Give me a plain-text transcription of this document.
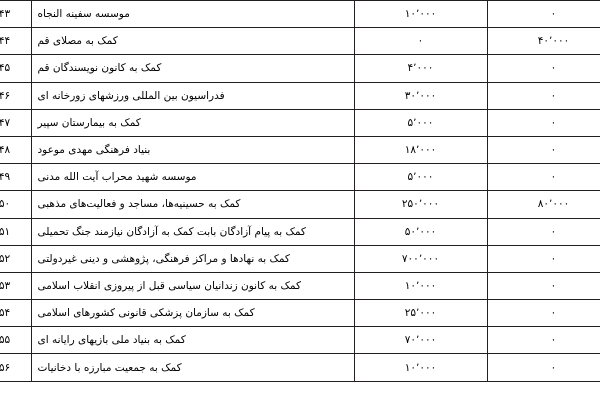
۰	۱۰٬۰۰۰	موسسه سفینه النجاه	۴۳
۴۰٬۰۰۰	۰	کمک به مصلای قم	۴۴
۰	۴٬۰۰۰	کمک به کانون نویسندگان قم	۴۵
۰	۳۰٬۰۰۰	فدراسیون بین المللی ورزشهای زورخانه ای	۴۶
۰	۵٬۰۰۰	کمک به بیمارستان سپیر	۴۷
۰	۱۸٬۰۰۰	بنیاد فرهنگی مهدی موعود	۴۸
۰	۵٬۰۰۰	موسسه شهید محراب آیت الله مدنی	۴۹
۸۰٬۰۰۰	۲۵۰٬۰۰۰	کمک به حسینیه‌ها، مساجد و فعالیت‌های مذهبی	۵۰
۰	۵۰٬۰۰۰	کمک به پیام آزادگان بابت کمک به آزادگان نیازمند جنگ تحمیلی	۵۱
۰	۷۰۰٬۰۰۰	کمک به نهادها و مراکز فرهنگی، پژوهشی و دینی غیردولتی	۵۲
۰	۱۰٬۰۰۰	کمک به کانون زندانیان سیاسی قبل از پیروزی انقلاب اسلامی	۵۳
۰	۲۵٬۰۰۰	کمک به سازمان پزشکی قانونی کشورهای اسلامی	۵۴
۰	۷۰٬۰۰۰	کمک به بنیاد ملی بازیهای رایانه ای	۵۵
۰	۱۰٬۰۰۰	کمک به جمعیت مبارزه با دخانیات	۵۶
